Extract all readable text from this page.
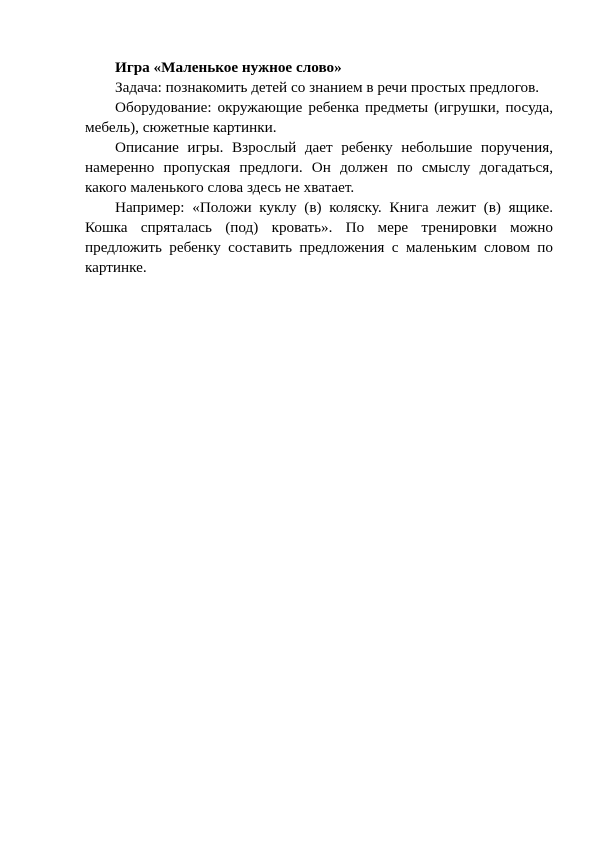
Игра «Маленькое нужное слово»

Задача: познакомить детей со знанием в речи простых предлогов.

Оборудование: окружающие ребенка предметы (игрушки, посуда, мебель), сюжетные картинки.

Описание игры. Взрослый дает ребенку небольшие поручения, намеренно пропуская предлоги. Он должен по смыслу догадаться, какого маленького слова здесь не хватает.

Например: «Положи куклу (в) коляску. Книга лежит (в) ящике. Кошка спряталась (под) кровать». По мере тренировки можно предложить ребенку составить предложения с маленьким словом по картинке.
